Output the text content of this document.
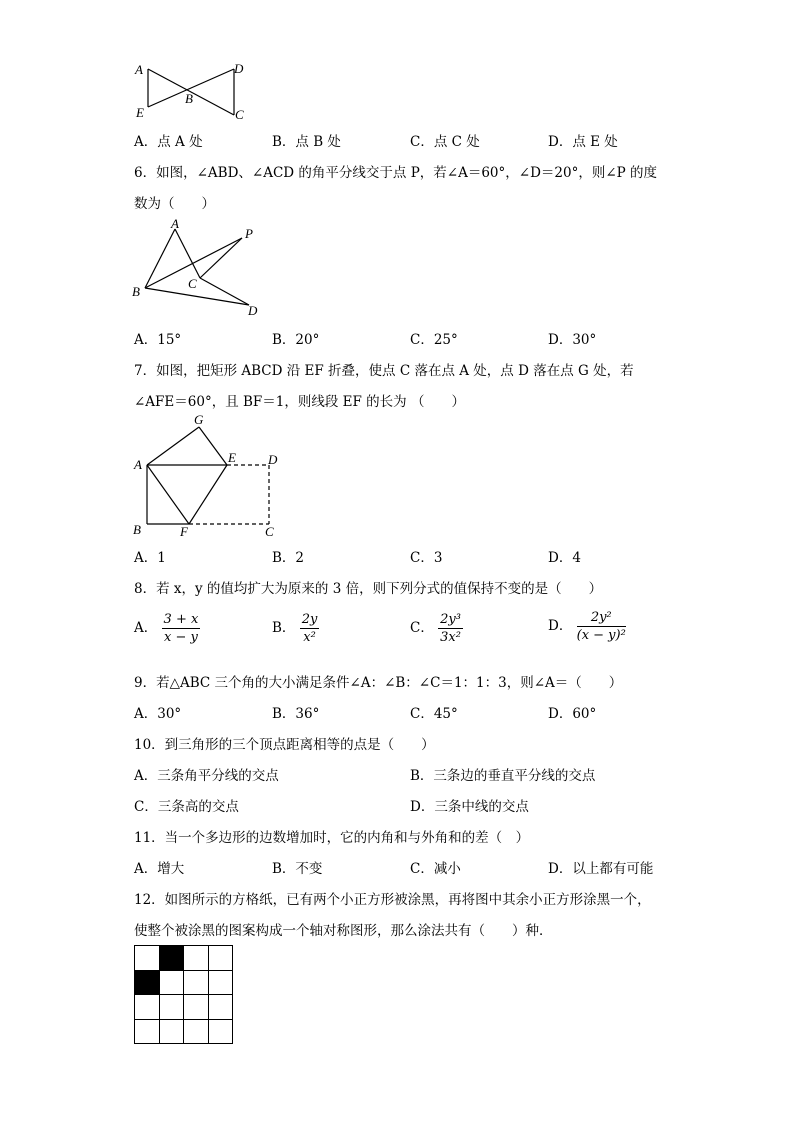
A	D
B
E	C
A．点 A 处	B．点 B 处	C．点 C 处	D．点 E 处
6．如图，∠ABD、∠ACD 的角平分线交于点 P，若∠A＝60°，∠D＝20°，则∠P 的度
数为（　　）
A
P
C
B
D
A．15°	B．20°	C．25°	D．30°
7．如图，把矩形 ABCD 沿 EF 折叠，使点 C 落在点 A 处，点 D 落在点 G 处，若
∠AFE＝60°，且 BF＝1，则线段 EF 的长为 （　　）
G
A	E D
B	F	C
A．1	B．2	C．3	D．4
8．若 x，y 的值均扩大为原来的 3 倍，则下列分式的值保持不变的是（　　）
A． $\frac{3 + x}{x - y}$	B． $\frac{2y}{\text{x²}}$	C． $\frac{\text{2y³}}{\text{3x²}}$	D． $\frac{\text{2y²}}{\text{(x − y)²}}$
9．若△ABC 三个角的大小满足条件∠A：∠B：∠C＝1：1：3，则∠A＝（　　）
A．30°	B．36°	C．45°	D．60°
10．到三角形的三个顶点距离相等的点是（　　）
A．三条角平分线的交点	B．三条边的垂直平分线的交点
C．三条高的交点	D．三条中线的交点
11．当一个多边形的边数增加时，它的内角和与外角和的差（　）
A．增大	B．不变	C．减小	D．以上都有可能
12．如图所示的方格纸，已有两个小正方形被涂黑，再将图中其余小正方形涂黑一个，
使整个被涂黑的图案构成一个轴对称图形，那么涂法共有（　　）种．
